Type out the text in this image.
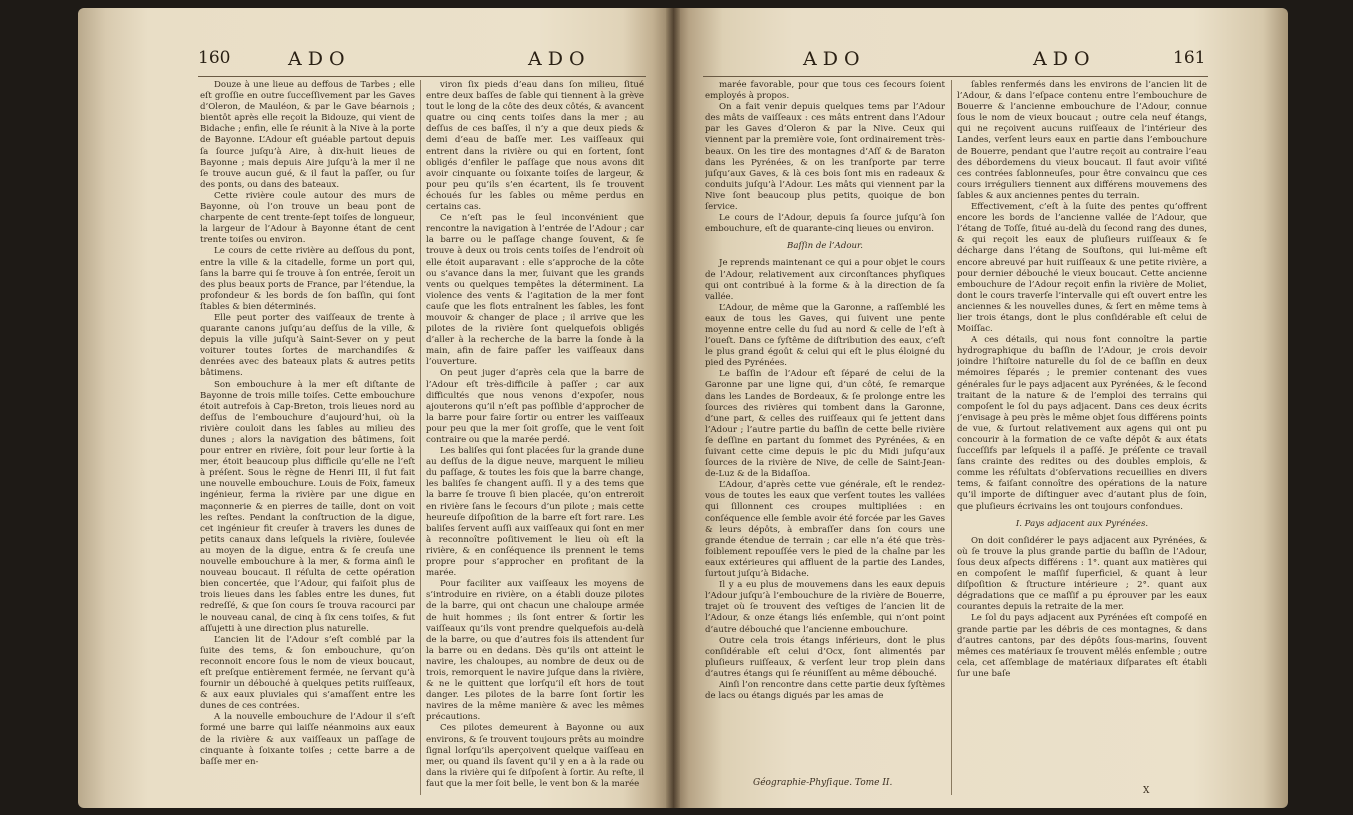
160	ADO	ADO

Douze à une lieue au deffous de Tarbes ; elle eſt groſſie en outre ſucceſſivement par les Gaves d’Oleron, de Mauléon, & par le Gave béarnois ; bientôt après elle reçoit la Bidouze, qui vient de Bidache ; enfin, elle ſe réunit à la Nive à la porte de Bayonne. L’Adour eſt guéable partout depuis ſa ſource juſqu’à Aire, à dix-huit lieues de Bayonne ; mais depuis Aire juſqu’à la mer il ne ſe trouve aucun gué, & il faut la paſſer, ou ſur des ponts, ou dans des bateaux.

Cette rivière coule autour des murs de Bayonne, où l’on trouve un beau pont de charpente de cent trente-ſept toiſes de longueur, la largeur de l’Adour à Bayonne étant de cent trente toiſes ou environ.

Le cours de cette rivière au deſſous du pont, entre la ville & la citadelle, forme un port qui, ſans la barre qui ſe trouve à ſon entrée, ſeroit un des plus beaux ports de France, par l’étendue, la profondeur & les bords de ſon baſſin, qui ſont ſtables & bien déterminés.

Elle peut porter des vaiſſeaux de trente à quarante canons juſqu’au deſſus de la ville, & depuis la ville juſqu’à Saint-Sever on y peut voiturer toutes ſortes de marchandiſes & denrées avec des bateaux plats & autres petits bâtimens.

Son embouchure à la mer eſt diſtante de Bayonne de trois mille toiſes. Cette embouchure étoit autrefois à Cap-Breton, trois lieues nord au deſſus de l’embouchure d’aujourd’hui, où la rivière couloit dans les ſables au milieu des dunes ; alors la navigation des bâtimens, ſoit pour entrer en rivière, ſoit pour leur ſortie à la mer, étoit beaucoup plus difficile qu’elle ne l’eſt à préſent. Sous le règne de Henri III, il fut fait une nouvelle embouchure. Louis de Foix, fameux ingénieur, ferma la rivière par une digue en maçonnerie & en pierres de taille, dont on voit les reſtes. Pendant la conſtruction de la digue, cet ingénieur fit creuſer à travers les dunes de petits canaux dans leſquels la rivière, ſoulevée au moyen de la digue, entra & ſe creuſa une nouvelle embouchure à la mer, & forma ainſi le nouveau boucaut. Il réſulta de cette opération bien concertée, que l’Adour, qui faiſoit plus de trois lieues dans les ſables entre les dunes, fut redreſſé, & que ſon cours ſe trouva racourci par le nouveau canal, de cinq à ſix cens toiſes, & fut aſſujetti à une direction plus naturelle.

L’ancien lit de l’Adour s’eſt comblé par la ſuite des tems, & ſon embouchure, qu’on reconnoit encore ſous le nom de vieux boucaut, eſt preſque entièrement fermée, ne ſervant qu’à fournir un débouché à quelques petits ruiſſeaux, & aux eaux pluviales qui s’amaſſent entre les dunes de ces contrées.

A la nouvelle embouchure de l’Adour il s’eſt formé une barre qui laiſſe néanmoins aux eaux de la rivière & aux vaiſſeaux un paſſage de cinquante à ſoixante toiſes ; cette barre a de baſſe mer en-

viron ſix pieds d’eau dans ſon milieu, ſitué entre deux baſſes de ſable qui tiennent à la grève tout le long de la côte des deux côtés, & avancent quatre ou cinq cents toiſes dans la mer ; au deſſus de ces baſſes, il n’y a que deux pieds & demi d’eau de baſſe mer. Les vaiſſeaux qui entrent dans la rivière ou qui en ſortent, ſont obligés d’enfiler le paſſage que nous avons dit avoir cinquante ou ſoixante toiſes de largeur, & pour peu qu’ils s’en écartent, ils ſe trouvent échoués ſur les ſables ou même perdus en certains cas.

Ce n’eſt pas le ſeul inconvénient que rencontre la navigation à l’entrée de l’Adour ; car la barre ou le paſſage change ſouvent, & ſe trouve à deux ou trois cents toiſes de l’endroit où elle étoit auparavant : elle s’approche de la côte ou s’avance dans la mer, ſuivant que les grands vents ou quelques tempêtes la déterminent. La violence des vents & l’agitation de la mer font cauſe que les flots entraînent les ſables, les font mouvoir & changer de place ; il arrive que les pilotes de la rivière ſont quelquefois obligés d’aller à la recherche de la barre la ſonde à la main, afin de faire paſſer les vaiſſeaux dans l’ouverture.

On peut juger d’après cela que la barre de l’Adour eſt très-difficile à paſſer ; car aux difficultés que nous venons d’expoſer, nous ajouterons qu’il n’eſt pas poſſible d’approcher de la barre pour faire ſortir ou entrer les vaiſſeaux pour peu que la mer ſoit groſſe, que le vent ſoit contraire ou que la marée perdé.

Les baliſes qui ſont placées ſur la grande dune au deſſus de la digue neuve, marquent le milieu du paſſage, & toutes les fois que la barre change, les baliſes ſe changent auſſi. Il y a des tems que la barre ſe trouve ſi bien placée, qu’on entreroit en rivière ſans le ſecours d’un pilote ; mais cette heureuſe diſpoſition de la barre eſt fort rare. Les baliſes ſervent auſſi aux vaiſſeaux qui ſont en mer à reconnoître poſitivement le lieu où eſt la rivière, & en conſéquence ils prennent le tems propre pour s’approcher en profitant de la marée.

Pour faciliter aux vaiſſeaux les moyens de s’introduire en rivière, on a établi douze pilotes de la barre, qui ont chacun une chaloupe armée de huit hommes ; ils ſont entrer & ſortir les vaiſſeaux qu’ils vont prendre quelquefois au-delà de la barre, ou que d’autres fois ils attendent ſur la barre ou en dedans. Dès qu’ils ont atteint le navire, les chaloupes, au nombre de deux ou de trois, remorquent le navire juſque dans la rivière, & ne le quittent que lorſqu’il eſt hors de tout danger. Les pilotes de la barre ſont ſortir les navires de la même manière & avec les mêmes précautions.

Ces pilotes demeurent à Bayonne ou aux environs, & ſe trouvent toujours prêts au moindre ſignal lorſqu’ils aperçoivent quelque vaiſſeau en mer, ou quand ils ſavent qu’il y en a à la rade ou dans la rivière qui ſe diſpoſent à ſortir. Au reſte, il faut que la mer ſoit belle, le vent bon & la marée

ADO	ADO	161

marée favorable, pour que tous ces ſecours ſoient employés à propos.

On a fait venir depuis quelques tems par l’Adour des mâts de vaiſſeaux : ces mâts entrent dans l’Adour par les Gaves d’Oleron & par la Nive. Ceux qui viennent par la première voie, ſont ordinairement très-beaux. On les tire des montagnes d’Aſſ & de Baraton dans les Pyrénées, & on les tranſporte par terre juſqu’aux Gaves, & là ces bois ſont mis en radeaux & conduits juſqu’à l’Adour. Les mâts qui viennent par la Nive ſont beaucoup plus petits, quoique de bon ſervice.

Le cours de l’Adour, depuis ſa ſource juſqu’à ſon embouchure, eſt de quarante-cinq lieues ou environ.

Baſſin de l’Adour.

Je reprends maintenant ce qui a pour objet le cours de l’Adour, relativement aux circonſtances phyſiques qui ont contribué à la forme & à la direction de ſa vallée.

L’Adour, de même que la Garonne, a raſſemblé les eaux de tous les Gaves, qui ſuivent une pente moyenne entre celle du ſud au nord & celle de l’eſt à l’oueſt. Dans ce ſyſtême de diſtribution des eaux, c’eſt le plus grand égoût & celui qui eſt le plus éloigné du pied des Pyrénées.

Le baſſin de l’Adour eſt ſéparé de celui de la Garonne par une ligne qui, d’un côté, ſe remarque dans les Landes de Bordeaux, & ſe prolonge entre les ſources des rivières qui tombent dans la Garonne, d’une part, & celles des ruiſſeaux qui ſe jettent dans l’Adour ; l’autre partie du baſſin de cette belle rivière ſe deſſine en partant du ſommet des Pyrénées, & en ſuivant cette cime depuis le pic du Midi juſqu’aux ſources de la rivière de Nive, de celle de Saint-Jean-de-Luz & de la Bidaſſoa.

L’Adour, d’après cette vue générale, eſt le rendez-vous de toutes les eaux que verſent toutes les vallées qui ſillonnent ces croupes multipliées : en conſéquence elle ſemble avoir été forcée par les Gaves & leurs dépôts, à embraſſer dans ſon cours une grande étendue de terrain ; car elle n’a été que très-foiblement repouſſée vers le pied de la chaîne par les eaux extérieures qui affluent de la partie des Landes, ſurtout juſqu’à Bidache.

Il y a eu plus de mouvemens dans les eaux depuis l’Adour juſqu’à l’embouchure de la rivière de Bouerre, trajet où ſe trouvent des veſtiges de l’ancien lit de l’Adour, & onze étangs liés enſemble, qui n’ont point d’autre débouché que l’ancienne embouchure.

Outre cela trois étangs inférieurs, dont le plus conſidérable eſt celui d’Ocx, ſont alimentés par pluſieurs ruiſſeaux, & verſent leur trop plein dans d’autres étangs qui ſe réuniſſent au même débouché.

Ainſi l’on rencontre dans cette partie deux ſyſtèmes de lacs ou étangs digués par les amas de

ſables renfermés dans les environs de l’ancien lit de l’Adour, & dans l’eſpace contenu entre l’embouchure de Bouerre & l’ancienne embouchure de l’Adour, connue ſous le nom de vieux boucaut ; outre cela neuf étangs, qui ne reçoivent aucuns ruiſſeaux de l’intérieur des Landes, verſent leurs eaux en partie dans l’embouchure de Bouerre, pendant que l’autre reçoit au contraire l’eau des débordemens du vieux boucaut. Il faut avoir viſité ces contrées ſablonneuſes, pour être convaincu que ces cours irréguliers tiennent aux différens mouvemens des ſables & aux anciennes pentes du terrain.

Effectivement, c’eſt à la ſuite des pentes qu’offrent encore les bords de l’ancienne vallée de l’Adour, que l’étang de Toſſe, ſitué au-delà du ſecond rang des dunes, & qui reçoit les eaux de pluſieurs ruiſſeaux & ſe décharge dans l’étang de Souſtons, qui lui-même eſt encore abreuvé par huit ruiſſeaux & une petite rivière, a pour dernier débouché le vieux boucaut. Cette ancienne embouchure de l’Adour reçoit enfin la rivière de Moliet, dont le cours traverſe l’intervalle qui eſt ouvert entre les anciennes & les nouvelles dunes, & ſert en même tems à lier trois étangs, dont le plus conſidérable eſt celui de Moiſſac.

A ces détails, qui nous font connoître la partie hydrographique du baſſin de l’Adour, je crois devoir joindre l’hiſtoire naturelle du ſol de ce baſſin en deux mémoires ſéparés ; le premier contenant des vues générales ſur le pays adjacent aux Pyrénées, & le ſecond traitant de la nature & de l’emploi des terrains qui compoſent le ſol du pays adjacent. Dans ces deux écrits j’envisage à peu près le même objet ſous différens points de vue, & ſurtout relativement aux agens qui ont pu concourir à la formation de ce vaſte dépôt & aux états ſucceſſifs par leſquels il a paſſé. Je préſente ce travail ſans crainte des redites ou des doubles emplois, & comme les réſultats d’obſervations recueillies en divers tems, & faiſant connoître des opérations de la nature qu’il importe de diſtinguer avec d’autant plus de ſoin, que pluſieurs écrivains les ont toujours confondues.

I. Pays adjacent aux Pyrénées.

On doit conſidérer le pays adjacent aux Pyrénées, & où ſe trouve la plus grande partie du baſſin de l’Adour, ſous deux aſpects différens : 1°. quant aux matières qui en compoſent le maſſif ſuperficiel, & quant à leur diſpoſition & ſtructure intérieure ; 2°. quant aux dégradations que ce maſſif a pu éprouver par les eaux courantes depuis la retraite de la mer.

Le ſol du pays adjacent aux Pyrénées eſt compoſé en grande partie par les débris de ces montagnes, & dans d’autres cantons, par des dépôts ſous-marins, ſouvent mêmes ces matériaux ſe trouvent mêlés enſemble ; outre cela, cet aſſemblage de matériaux diſparates eſt établi ſur une baſe

Géographie-Phyſique. Tome II.
X
